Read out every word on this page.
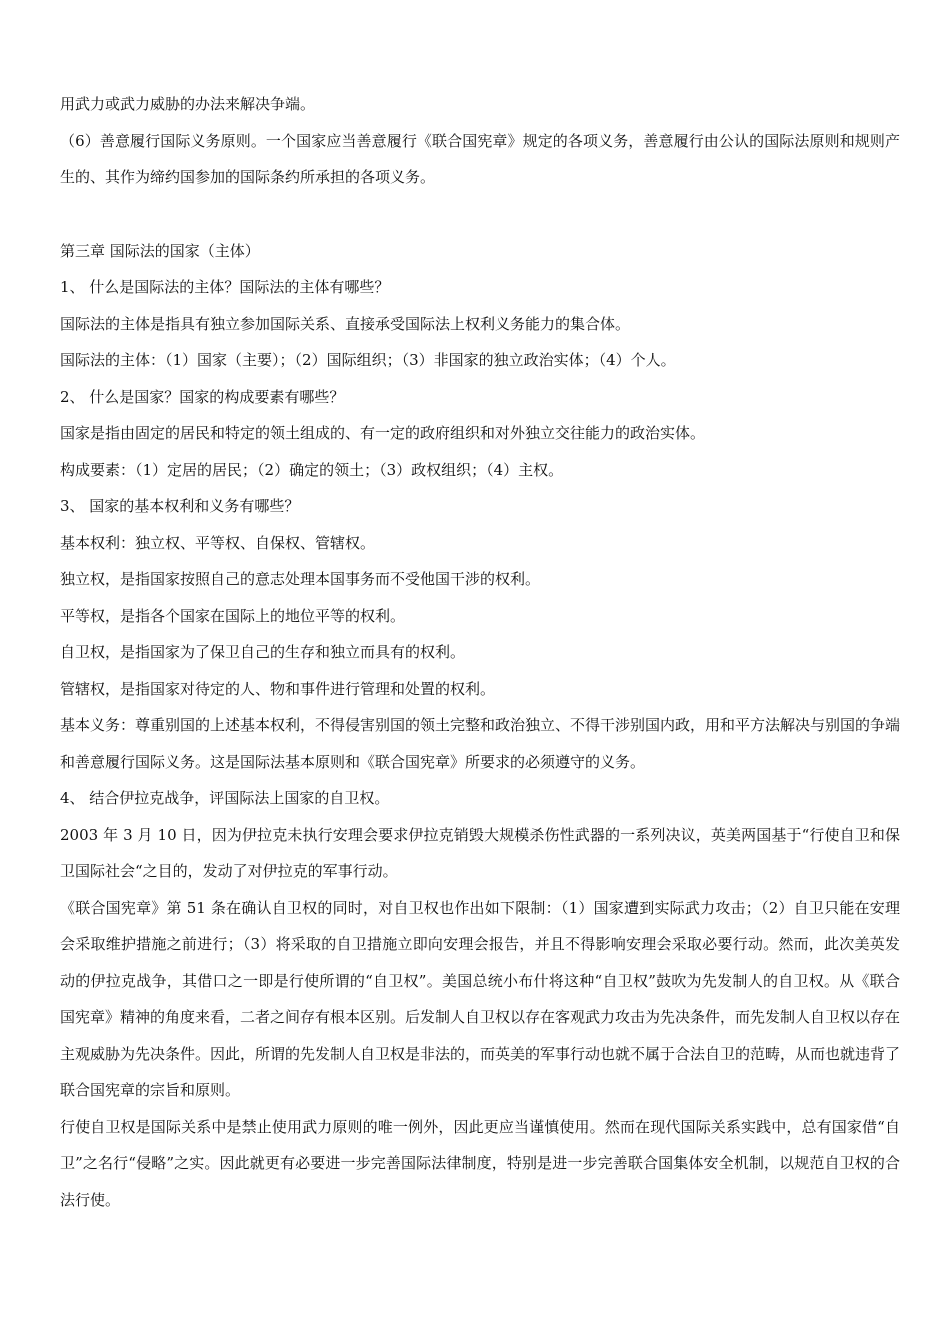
用武力或武力威胁的办法来解决争端。

（6）善意履行国际义务原则。一个国家应当善意履行《联合国宪章》规定的各项义务，善意履行由公认的国际法原则和规则产生的、其作为缔约国参加的国际条约所承担的各项义务。

第三章 国际法的国家（主体）

1、 什么是国际法的主体？国际法的主体有哪些？

国际法的主体是指具有独立参加国际关系、直接承受国际法上权利义务能力的集合体。

国际法的主体：（1）国家（主要）；（2）国际组织；（3）非国家的独立政治实体；（4）个人。

2、 什么是国家？国家的构成要素有哪些？

国家是指由固定的居民和特定的领土组成的、有一定的政府组织和对外独立交往能力的政治实体。

构成要素：（1）定居的居民；（2）确定的领土；（3）政权组织；（4）主权。

3、 国家的基本权利和义务有哪些？

基本权利：独立权、平等权、自保权、管辖权。

独立权，是指国家按照自己的意志处理本国事务而不受他国干涉的权利。

平等权，是指各个国家在国际上的地位平等的权利。

自卫权，是指国家为了保卫自己的生存和独立而具有的权利。

管辖权，是指国家对待定的人、物和事件进行管理和处置的权利。

基本义务：尊重别国的上述基本权利，不得侵害别国的领土完整和政治独立、不得干涉别国内政，用和平方法解决与别国的争端和善意履行国际义务。这是国际法基本原则和《联合国宪章》所要求的必须遵守的义务。

4、 结合伊拉克战争，评国际法上国家的自卫权。

2003 年 3 月 10 日，因为伊拉克未执行安理会要求伊拉克销毁大规模杀伤性武器的一系列决议，英美两国基于“行使自卫和保卫国际社会“之目的，发动了对伊拉克的军事行动。

《联合国宪章》第 51 条在确认自卫权的同时，对自卫权也作出如下限制：（1）国家遭到实际武力攻击；（2）自卫只能在安理会采取维护措施之前进行；（3）将采取的自卫措施立即向安理会报告，并且不得影响安理会采取必要行动。然而，此次美英发动的伊拉克战争，其借口之一即是行使所谓的“自卫权”。美国总统小布什将这种“自卫权”鼓吹为先发制人的自卫权。从《联合国宪章》精神的角度来看，二者之间存有根本区别。后发制人自卫权以存在客观武力攻击为先决条件，而先发制人自卫权以存在主观威胁为先决条件。因此，所谓的先发制人自卫权是非法的，而英美的军事行动也就不属于合法自卫的范畴，从而也就违背了联合国宪章的宗旨和原则。

行使自卫权是国际关系中是禁止使用武力原则的唯一例外，因此更应当谨慎使用。然而在现代国际关系实践中，总有国家借“自卫”之名行“侵略”之实。因此就更有必要进一步完善国际法律制度，特别是进一步完善联合国集体安全机制，以规范自卫权的合法行使。
